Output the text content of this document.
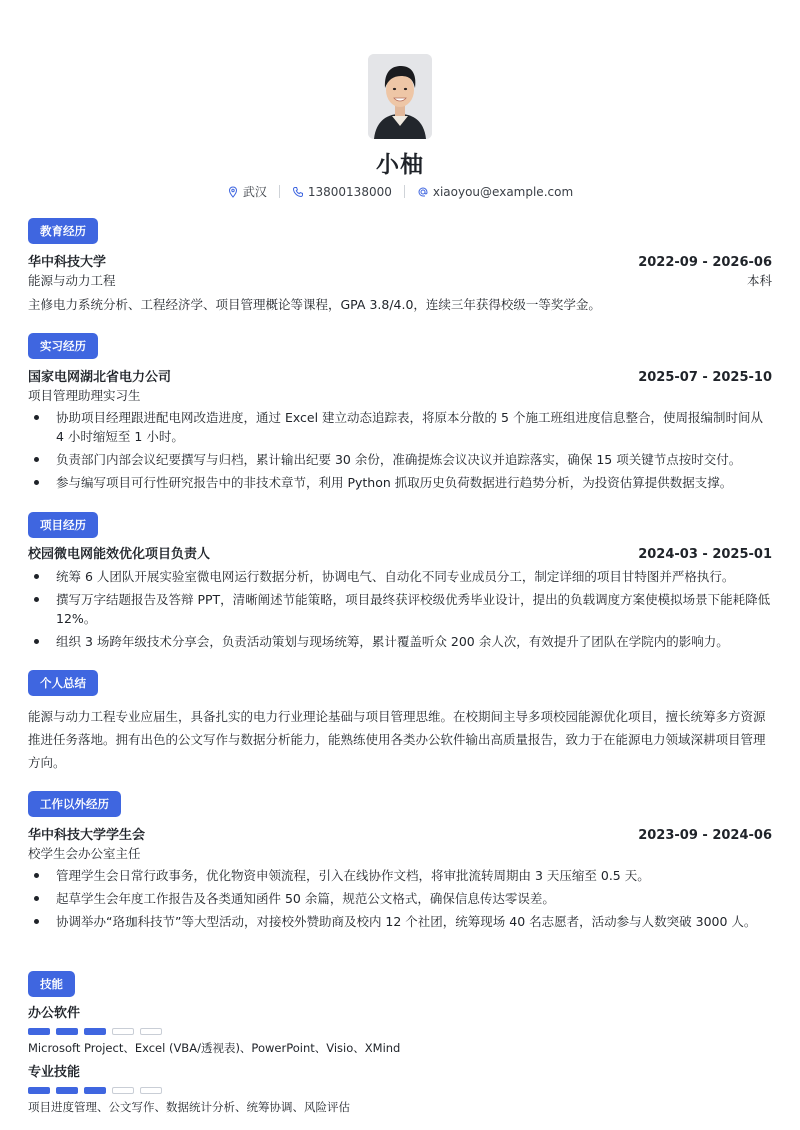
小柚
武汉	13800138000	xiaoyou@example.com
教育经历
华中科技大学	2022-09 - 2026-06
能源与动力工程	本科
主修电力系统分析、工程经济学、项目管理概论等课程，GPA 3.8/4.0，连续三年获得校级一等奖学金。
实习经历
国家电网湖北省电力公司	2025-07 - 2025-10
项目管理助理实习生
协助项目经理跟进配电网改造进度，通过 Excel 建立动态追踪表，将原本分散的 5 个施工班组进度信息整合，使周报编制时间从 4 小时缩短至 1 小时。
负责部门内部会议纪要撰写与归档，累计输出纪要 30 余份，准确提炼会议决议并追踪落实，确保 15 项关键节点按时交付。
参与编写项目可行性研究报告中的非技术章节，利用 Python 抓取历史负荷数据进行趋势分析，为投资估算提供数据支撑。
项目经历
校园微电网能效优化项目负责人	2024-03 - 2025-01
统筹 6 人团队开展实验室微电网运行数据分析，协调电气、自动化不同专业成员分工，制定详细的项目甘特图并严格执行。
撰写万字结题报告及答辩 PPT，清晰阐述节能策略，项目最终获评校级优秀毕业设计，提出的负载调度方案使模拟场景下能耗降低 12%。
组织 3 场跨年级技术分享会，负责活动策划与现场统筹，累计覆盖听众 200 余人次，有效提升了团队在学院内的影响力。
个人总结
能源与动力工程专业应届生，具备扎实的电力行业理论基础与项目管理思维。在校期间主导多项校园能源优化项目，擅长统筹多方资源推进任务落地。拥有出色的公文写作与数据分析能力，能熟练使用各类办公软件输出高质量报告，致力于在能源电力领域深耕项目管理方向。
工作以外经历
华中科技大学学生会	2023-09 - 2024-06
校学生会办公室主任
管理学生会日常行政事务，优化物资申领流程，引入在线协作文档，将审批流转周期由 3 天压缩至 0.5 天。
起草学生会年度工作报告及各类通知函件 50 余篇，规范公文格式，确保信息传达零误差。
协调举办“珞珈科技节”等大型活动，对接校外赞助商及校内 12 个社团，统筹现场 40 名志愿者，活动参与人数突破 3000 人。
技能
办公软件
Microsoft Project、Excel (VBA/透视表)、PowerPoint、Visio、XMind
专业技能
项目进度管理、公文写作、数据统计分析、统筹协调、风险评估
